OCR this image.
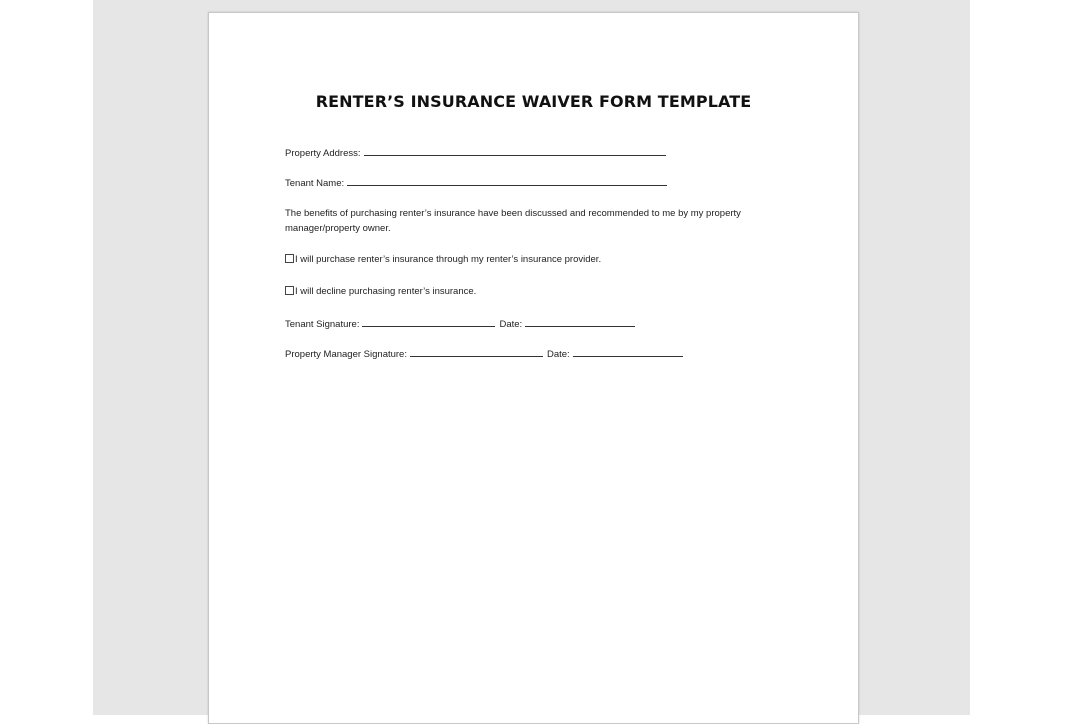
RENTER’S INSURANCE WAIVER FORM TEMPLATE
Property Address:
Tenant Name:
The benefits of purchasing renter’s insurance have been discussed and recommended to me by my property manager/property owner.
I will purchase renter’s insurance through my renter’s insurance provider.
I will decline purchasing renter’s insurance.
Tenant Signature:	Date:
Property Manager Signature:	Date:
